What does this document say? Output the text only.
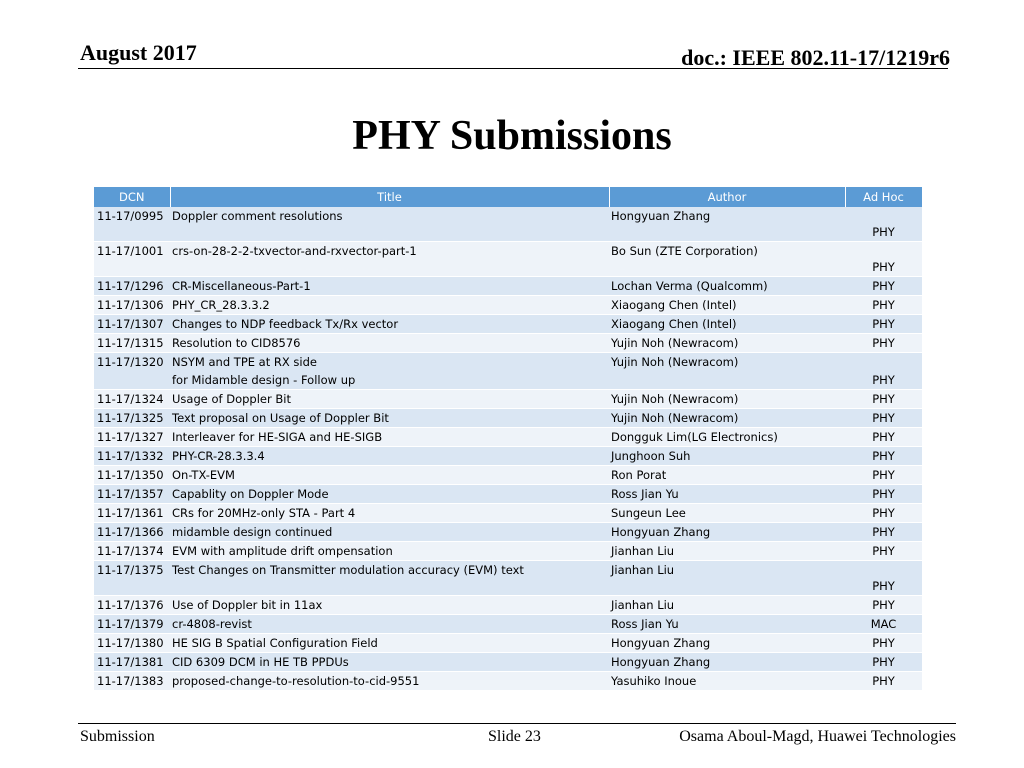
August 2017	doc.: IEEE 802.11-17/1219r6
PHY Submissions
DCN	Title	Author	Ad Hoc
11-17/0995	Doppler comment resolutions	Hongyuan Zhang	PHY
11-17/1001	crs-on-28-2-2-txvector-and-rxvector-part-1	Bo Sun (ZTE Corporation)	PHY
11-17/1296	CR-Miscellaneous-Part-1	Lochan Verma (Qualcomm)	PHY
11-17/1306	PHY_CR_28.3.3.2	Xiaogang Chen (Intel)	PHY
11-17/1307	Changes to NDP feedback Tx/Rx vector	Xiaogang Chen (Intel)	PHY
11-17/1315	Resolution to CID8576	Yujin Noh (Newracom)	PHY
11-17/1320	NSYM and TPE at RX side
for Midamble design - Follow up	Yujin Noh (Newracom)	PHY
11-17/1324	Usage of Doppler Bit	Yujin Noh (Newracom)	PHY
11-17/1325	Text proposal on Usage of Doppler Bit	Yujin Noh (Newracom)	PHY
11-17/1327	Interleaver for HE-SIGA and HE-SIGB	Dongguk Lim(LG Electronics)	PHY
11-17/1332	PHY-CR-28.3.3.4	Junghoon Suh	PHY
11-17/1350	On-TX-EVM	Ron Porat	PHY
11-17/1357	Capablity on Doppler Mode	Ross Jian Yu	PHY
11-17/1361	CRs for 20MHz-only STA - Part 4	Sungeun Lee	PHY
11-17/1366	midamble design continued	Hongyuan Zhang	PHY
11-17/1374	EVM with amplitude drift ompensation	Jianhan Liu	PHY
11-17/1375	Test Changes on Transmitter modulation accuracy (EVM) text	Jianhan Liu	PHY
11-17/1376	Use of Doppler bit in 11ax	Jianhan Liu	PHY
11-17/1379	cr-4808-revist	Ross Jian Yu	MAC
11-17/1380	HE SIG B Spatial Configuration Field	Hongyuan Zhang	PHY
11-17/1381	CID 6309 DCM in HE TB PPDUs	Hongyuan Zhang	PHY
11-17/1383	proposed-change-to-resolution-to-cid-9551	Yasuhiko Inoue	PHY
Submission	Slide 23	Osama Aboul-Magd, Huawei Technologies
